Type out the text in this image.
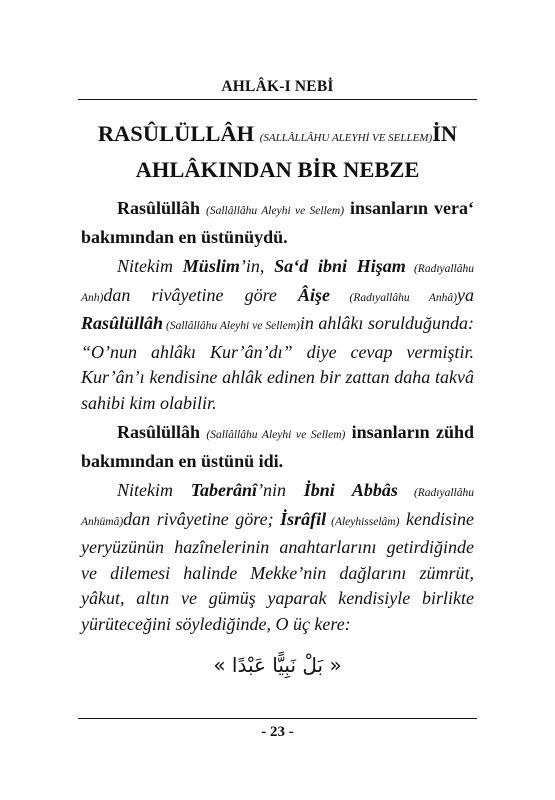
AHLÂK-I NEBİ
RASÛLÜLLÂH (SALLÂLLÂHU ALEYHİ VE SELLEM)İN AHLÂKINDAN BİR NEBZE

Rasûlüllâh (Sallâllâhu Aleyhi ve Sellem) insanların vera‘ bakımından en üstünüydü.

Nitekim Müslim’in, Sa‘d ibni Hişam (Radıyallâhu Anh)dan rivâyetine göre Âişe (Radıyallâhu Anhâ)ya Rasûlüllâh (Sallâllâhu Aleyhi ve Sellem)in ahlâkı sorulduğunda: “O’nun ahlâkı Kur’ân’dı” diye cevap vermiştir. Kur’ân’ı kendisine ahlâk edinen bir zattan daha takvâ sahibi kim olabilir.

Rasûlüllâh (Sallâllâhu Aleyhi ve Sellem) insanların zühd bakımından en üstünü idi.

Nitekim Taberânî’nin İbni Abbâs (Radıyallâhu Anhümâ)dan rivâyetine göre; İsrâfil (Aleyhisselâm) kendisine yeryüzünün hazînelerinin anahtarlarını getirdiğinde ve dilemesi halinde Mekke’nin dağlarını zümrüt, yâkut, altın ve gümüş yaparak kendisiyle birlikte yürüteceğini söylediğinde, O üç kere:

« بَلْ نَبِيًّا عَبْدًا »
- 23 -
